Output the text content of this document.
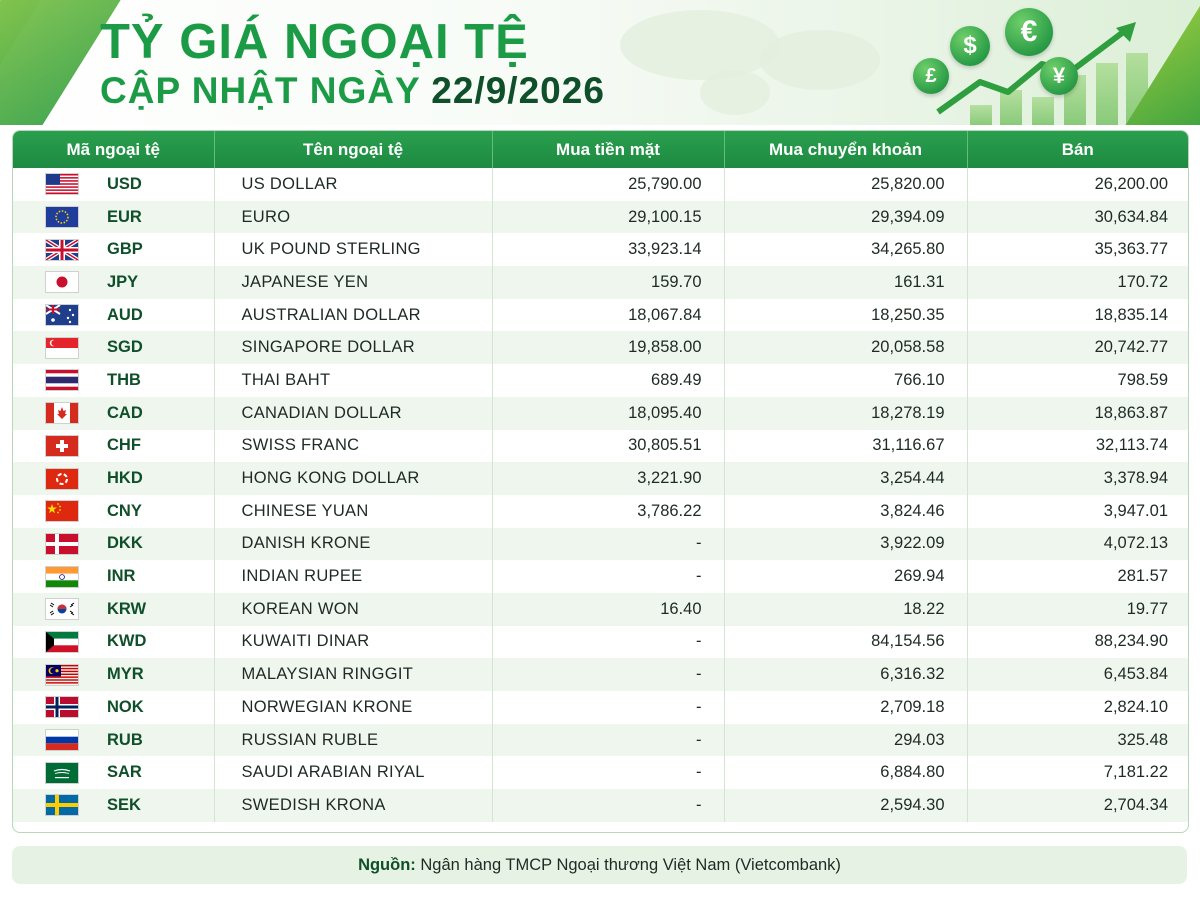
TỶ GIÁ NGOẠI TỆ
CẬP NHẬT NGÀY 22/9/2026
$	€
£	¥
Mã ngoại tệ	Tên ngoại tệ	Mua tiền mặt	Mua chuyển khoản	Bán
USD	US DOLLAR	25,790.00	25,820.00	26,200.00
EUR	EURO	29,100.15	29,394.09	30,634.84
GBP	UK POUND STERLING	33,923.14	34,265.80	35,363.77
JPY	JAPANESE YEN	159.70	161.31	170.72
AUD	AUSTRALIAN DOLLAR	18,067.84	18,250.35	18,835.14
SGD	SINGAPORE DOLLAR	19,858.00	20,058.58	20,742.77
THB	THAI BAHT	689.49	766.10	798.59
CAD	CANADIAN DOLLAR	18,095.40	18,278.19	18,863.87
CHF	SWISS FRANC	30,805.51	31,116.67	32,113.74
HKD	HONG KONG DOLLAR	3,221.90	3,254.44	3,378.94
CNY	CHINESE YUAN	3,786.22	3,824.46	3,947.01
DKK	DANISH KRONE	-	3,922.09	4,072.13
INR	INDIAN RUPEE	-	269.94	281.57
KRW	KOREAN WON	16.40	18.22	19.77
KWD	KUWAITI DINAR	-	84,154.56	88,234.90
MYR	MALAYSIAN RINGGIT	-	6,316.32	6,453.84
NOK	NORWEGIAN KRONE	-	2,709.18	2,824.10
RUB	RUSSIAN RUBLE	-	294.03	325.48
SAR	SAUDI ARABIAN RIYAL	-	6,884.80	7,181.22
SEK	SWEDISH KRONA	-	2,594.30	2,704.34
Nguồn: Ngân hàng TMCP Ngoại thương Việt Nam (Vietcombank)
